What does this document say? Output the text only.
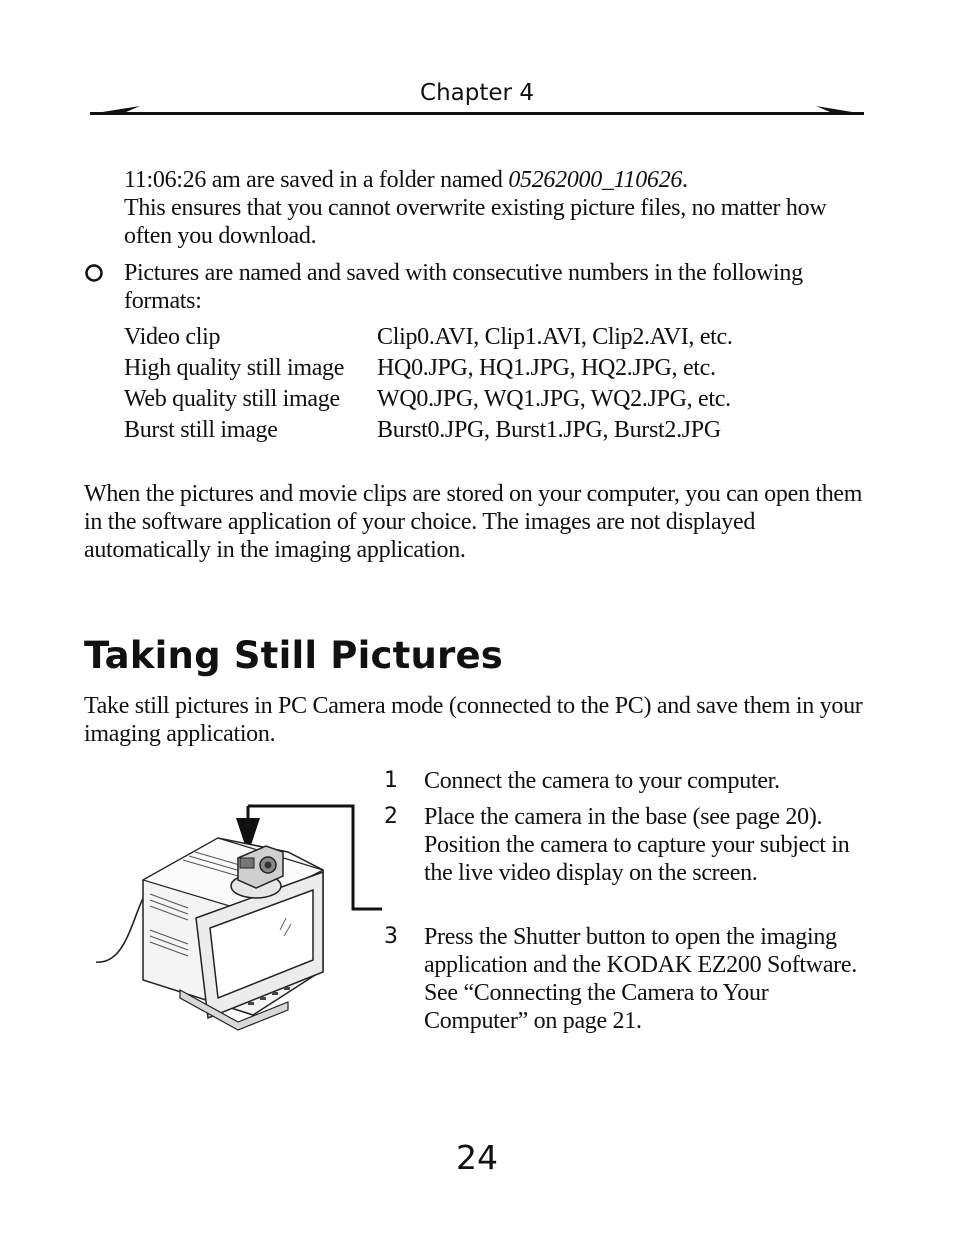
Chapter 4
11:06:26 am are saved in a folder named 05262000_110626.
This ensures that you cannot overwrite existing picture files, no matter how often you download.
Pictures are named and saved with consecutive numbers in the following formats:
Video clip	Clip0.AVI, Clip1.AVI, Clip2.AVI, etc.
High quality still image HQ0.JPG, HQ1.JPG, HQ2.JPG, etc.
Web quality still image WQ0.JPG, WQ1.JPG, WQ2.JPG, etc.
Burst still image	Burst0.JPG, Burst1.JPG, Burst2.JPG
When the pictures and movie clips are stored on your computer, you can open them in the software application of your choice. The images are not displayed automatically in the imaging application.
Taking Still Pictures
Take still pictures in PC Camera mode (connected to the PC) and save them in your imaging application.
1 Connect the camera to your computer.
2 Place the camera in the base (see page 20). Position the camera to capture your subject in the live video display on the screen.
3 Press the Shutter button to open the imaging application and the KODAK EZ200 Software. See “Connecting the Camera to Your Computer” on page 21.
24
